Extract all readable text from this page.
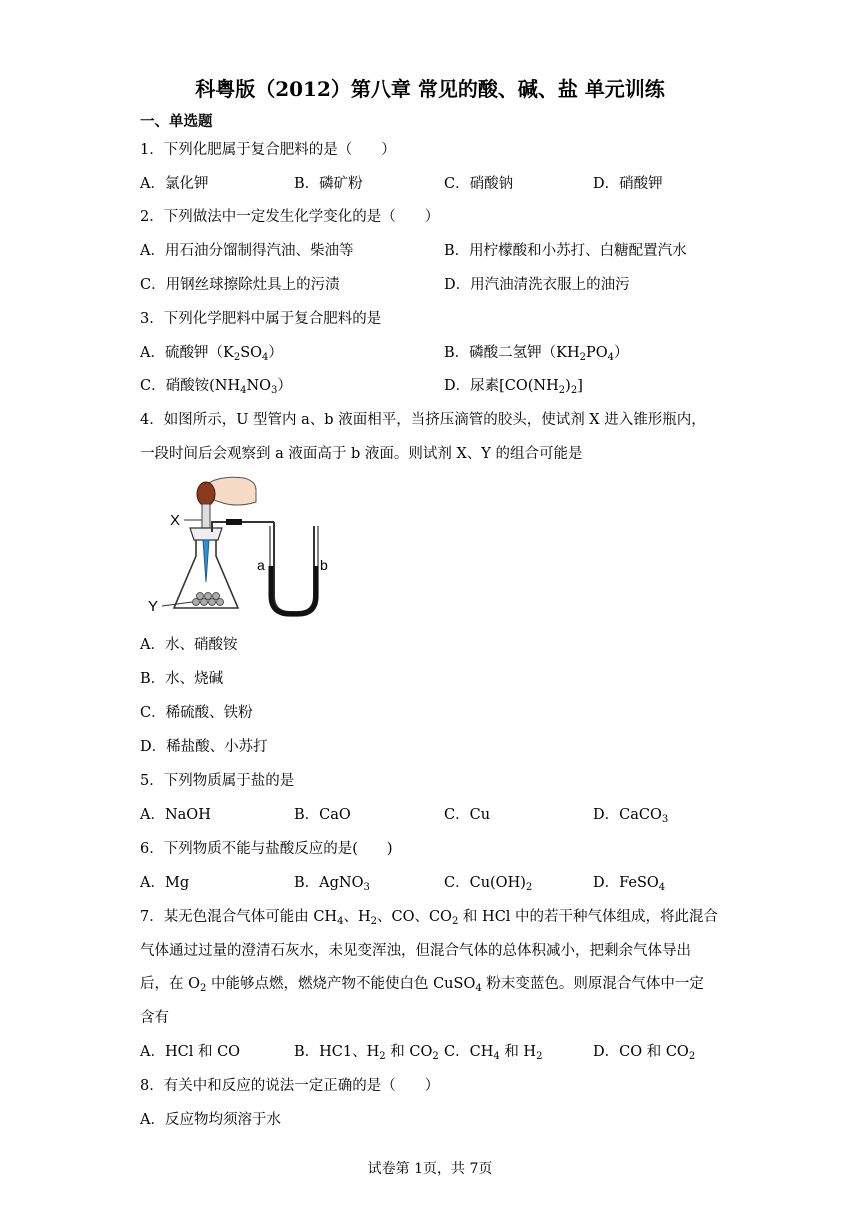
科粤版（2012）第八章 常见的酸、碱、盐 单元训练
一、单选题
1．下列化肥属于复合肥料的是（　　）
A．氯化钾	B．磷矿粉	C．硝酸钠	D．硝酸钾
2．下列做法中一定发生化学变化的是（　　）
A．用石油分馏制得汽油、柴油等	B．用柠檬酸和小苏打、白糖配置汽水
C．用钢丝球擦除灶具上的污渍	D．用汽油清洗衣服上的油污
3．下列化学肥料中属于复合肥料的是
A．硫酸钾$(K_2SO_4)$	B．磷酸二氢钾$(KH_2PO_4)$
C．硝酸铵$(NH_4NO_3)$	D．尿素$[CO(NH_2)_2]$
4．如图所示，U 型管内 a、b 液面相平，当挤压滴管的胶头，使试剂 X 进入锥形瓶内，
一段时间后会观察到 a 液面高于 b 液面。则试剂 X、Y 的组合可能是
X
Y
a	b
A．水、硝酸铵
B．水、烧碱
C．稀硫酸、铁粉
D．稀盐酸、小苏打
5．下列物质属于盐的是
A．NaOH	B．CaO	C．Cu	D．CaCO$_3$
6．下列物质不能与盐酸反应的是(　　)
A．Mg	B．AgNO$_3$	C．$Cu(OH)_2$	D．FeSO$_4$
7．某无色混合气体可能由 $CH_4$、$H_2$、CO、$CO_2$ 和 HCl 中的若干种气体组成，将此混合
气体通过过量的澄清石灰水，未见变浑浊，但混合气体的总体积减小，把剩余气体导出
后，在 $O_2$ 中能够点燃，燃烧产物不能使白色 CuSO$_4$ 粉末变蓝色。则原混合气体中一定
含有
A．HCl 和 CO	B．HC1、$H_2$ 和 $CO_2$ C．$CH_4$ 和 $H_2$	D．CO 和 $CO_2$
8．有关中和反应的说法一定正确的是（　　）
A．反应物均须溶于水
试卷第 1页，共 7页
